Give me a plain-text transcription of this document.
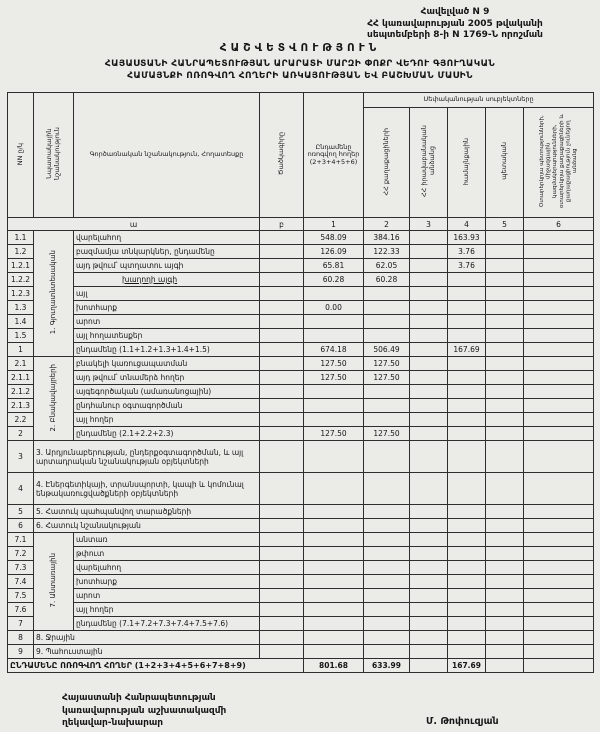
Հավելված N 9
ՀՀ կառավարության 2005 թվականի
սեպտեմբերի 8-ի N 1769-Ն որոշման
ՀԱՇՎԵՏՎՈՒԹՅՈՒՆ
ՀԱՅԱՍՏԱՆԻ ՀԱՆՐԱՊԵՏՈՒԹՅԱՆ ԱՐԱՐԱՏԻ ՄԱՐԶԻ ՓՈՔՐ ՎԵԴՈՒ ԳՅՈՒՂԱԿԱՆ
ՀԱՄԱՅՆՔԻ ՈՌՈԳՎՈՂ ՀՈՂԵՐԻ ԱՌԿԱՅՈՒԹՅԱՆ ԵՎ ԲԱՇԽՄԱՆ ՄԱՍԻՆ
NN ը/կ	Նպատակային նշանակություն	Գործառնական նշանակություն, Հողատեսքը	Ծածկագիրը	Ընդամենը ոռոգվող հողեր (2+3+4+5+6)	Սեփականության սուբյեկտները				
					ՀՀ քաղաքացիների	ՀՀ իրավաբանական անձանց	համայնքային	պետական	Օտարերկրյա պետությունների, միջազգային կազմակերպությունների, օտարերկրյա քաղաքացիների և քաղաքացիություն չունեցող անձանց
ա			բ	1	2	3	4	5	6
1.1	1. Գյուղատնտեսական	վարելահող		548.09	384.16		163.93		
1.2		բազմամյա տնկարկներ, ընդամենը		126.09	122.33		3.76		
1.2.1		այդ թվում՝ պտղատու այգի		65.81	62.05		3.76		
1.2.2		խաղողի այգի		60.28	60.28				
1.2.3		այլ							
1.3		խոտհարք		0.00					
1.4		արոտ							
1.5		այլ հողատեսքեր							
1		ընդամենը (1.1+1.2+1.3+1.4+1.5)		674.18	506.49		167.69		
2.1	2. Բնակավայրերի	բնակելի կառուցապատման		127.50	127.50				
2.1.1		այդ թվում՝ տնամերձ հողեր		127.50	127.50				
2.1.2		այգեգործական (ամառանոցային)							
2.1.3		ընդհանուր օգտագործման							
2.2		այլ հողեր							
2		ընդամենը (2.1+2.2+2.3)		127.50	127.50				
3	3. Արդյունաբերության, ընդերքօգտագործման, և այլ արտադրական նշանակության օբյեկտների								
4	4. Էներգետիկայի, տրանսպորտի, կապի և կոմունալ ենթակառուցվածքների օբյեկտների								
5	5. Հատուկ պահպանվող տարածքների								
6	6. Հատուկ նշանակության								
7.1	7. Անտառային	անտառ							
7.2		թփուտ							
7.3		վարելահող							
7.4		խոտհարք							
7.5		արոտ							
7.6		այլ հողեր							
7		ընդամենը (7.1+7.2+7.3+7.4+7.5+7.6)							
8	8. Ջրային								
9	9. Պահուստային								
ԸՆԴԱՄԵՆԸ ՈՌՈԳՎՈՂ ՀՈՂԵՐ (1+2+3+4+5+6+7+8+9)				801.68	633.99		167.69		
Հայաստանի Հանրապետության
կառավարության աշխատակազմի
ղեկավար-նախարար	Մ. Թոփուզյան
